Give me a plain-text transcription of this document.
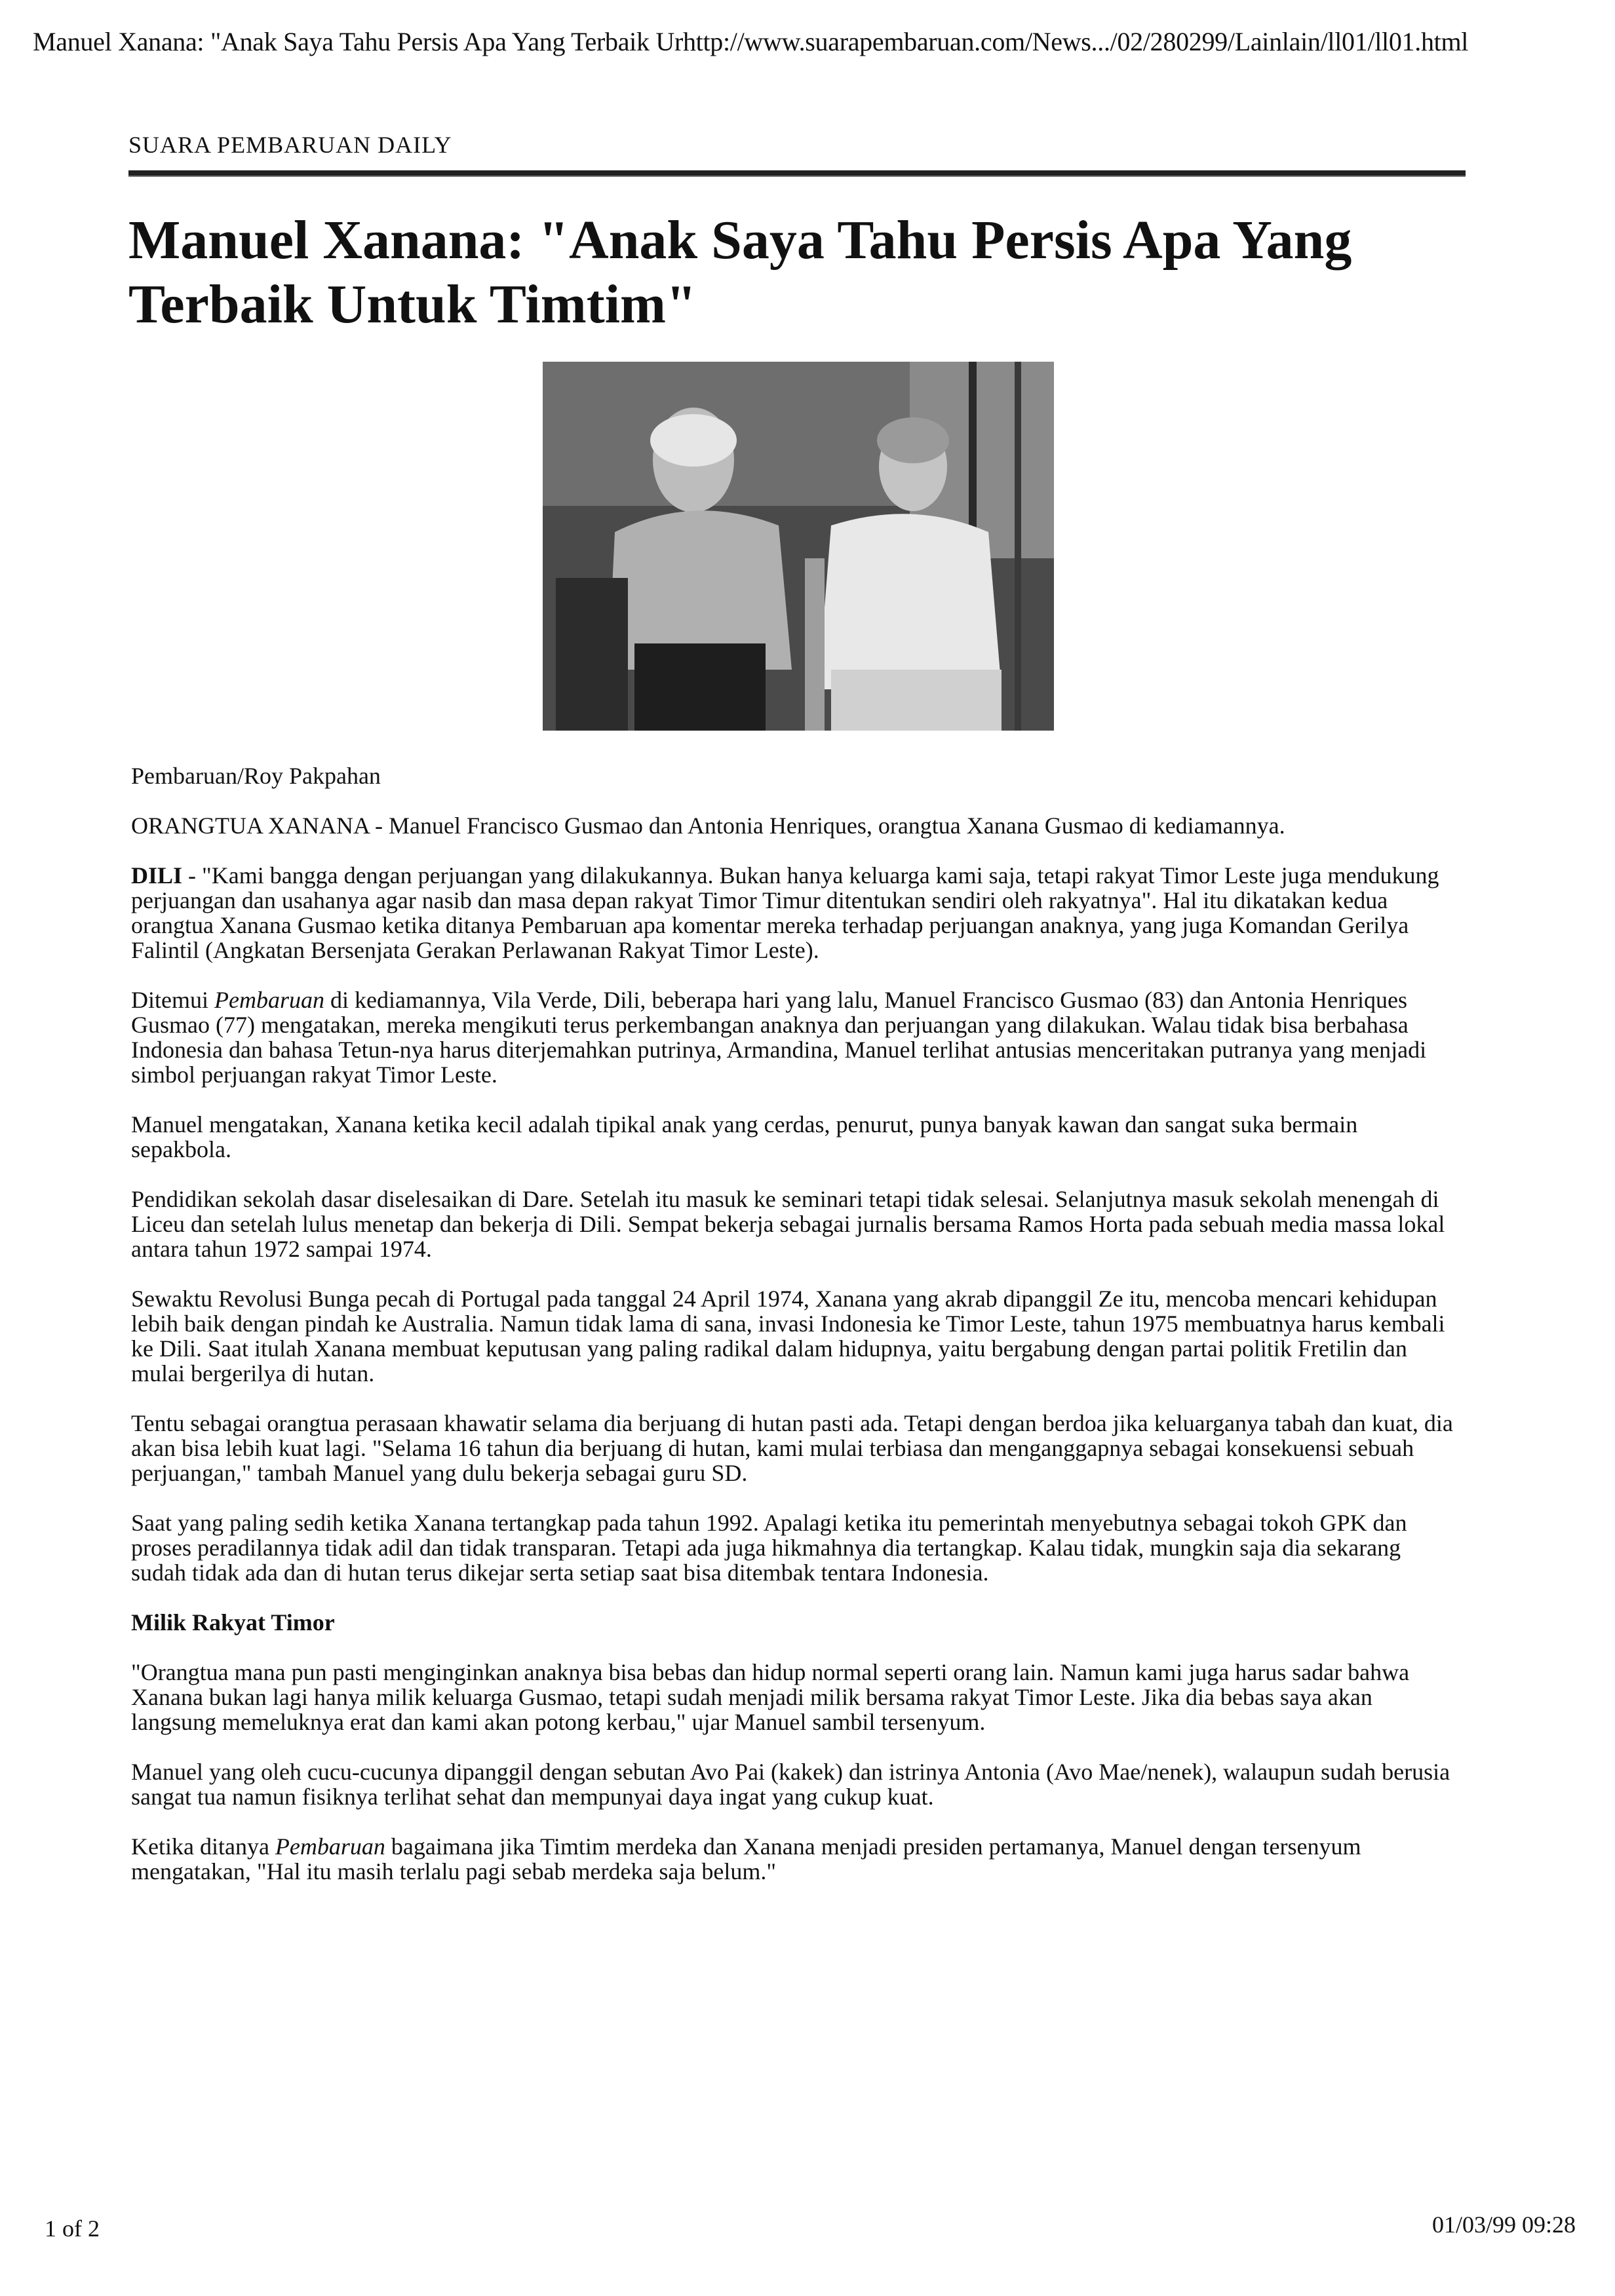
Manuel Xanana: "Anak Saya Tahu Persis Apa Yang Terbaik Urhttp://www.suarapembaruan.com/News.../02/280299/Lainlain/ll01/ll01.html
SUARA PEMBARUAN DAILY
Manuel Xanana: "Anak Saya Tahu Persis Apa Yang Terbaik Untuk Timtim"

Pembaruan/Roy Pakpahan

ORANGTUA XANANA - Manuel Francisco Gusmao dan Antonia Henriques, orangtua Xanana Gusmao di kediamannya.

DILI - "Kami bangga dengan perjuangan yang dilakukannya. Bukan hanya keluarga kami saja, tetapi rakyat Timor Leste juga mendukung perjuangan dan usahanya agar nasib dan masa depan rakyat Timor Timur ditentukan sendiri oleh rakyatnya". Hal itu dikatakan kedua orangtua Xanana Gusmao ketika ditanya Pembaruan apa komentar mereka terhadap perjuangan anaknya, yang juga Komandan Gerilya Falintil (Angkatan Bersenjata Gerakan Perlawanan Rakyat Timor Leste).

Ditemui Pembaruan di kediamannya, Vila Verde, Dili, beberapa hari yang lalu, Manuel Francisco Gusmao (83) dan Antonia Henriques Gusmao (77) mengatakan, mereka mengikuti terus perkembangan anaknya dan perjuangan yang dilakukan. Walau tidak bisa berbahasa Indonesia dan bahasa Tetun-nya harus diterjemahkan putrinya, Armandina, Manuel terlihat antusias menceritakan putranya yang menjadi simbol perjuangan rakyat Timor Leste.

Manuel mengatakan, Xanana ketika kecil adalah tipikal anak yang cerdas, penurut, punya banyak kawan dan sangat suka bermain sepakbola.

Pendidikan sekolah dasar diselesaikan di Dare. Setelah itu masuk ke seminari tetapi tidak selesai. Selanjutnya masuk sekolah menengah di Liceu dan setelah lulus menetap dan bekerja di Dili. Sempat bekerja sebagai jurnalis bersama Ramos Horta pada sebuah media massa lokal antara tahun 1972 sampai 1974.

Sewaktu Revolusi Bunga pecah di Portugal pada tanggal 24 April 1974, Xanana yang akrab dipanggil Ze itu, mencoba mencari kehidupan lebih baik dengan pindah ke Australia. Namun tidak lama di sana, invasi Indonesia ke Timor Leste, tahun 1975 membuatnya harus kembali ke Dili. Saat itulah Xanana membuat keputusan yang paling radikal dalam hidupnya, yaitu bergabung dengan partai politik Fretilin dan mulai bergerilya di hutan.

Tentu sebagai orangtua perasaan khawatir selama dia berjuang di hutan pasti ada. Tetapi dengan berdoa jika keluarganya tabah dan kuat, dia akan bisa lebih kuat lagi. "Selama 16 tahun dia berjuang di hutan, kami mulai terbiasa dan menganggapnya sebagai konsekuensi sebuah perjuangan," tambah Manuel yang dulu bekerja sebagai guru SD.

Saat yang paling sedih ketika Xanana tertangkap pada tahun 1992. Apalagi ketika itu pemerintah menyebutnya sebagai tokoh GPK dan proses peradilannya tidak adil dan tidak transparan. Tetapi ada juga hikmahnya dia tertangkap. Kalau tidak, mungkin saja dia sekarang sudah tidak ada dan di hutan terus dikejar serta setiap saat bisa ditembak tentara Indonesia.

Milik Rakyat Timor

"Orangtua mana pun pasti menginginkan anaknya bisa bebas dan hidup normal seperti orang lain. Namun kami juga harus sadar bahwa Xanana bukan lagi hanya milik keluarga Gusmao, tetapi sudah menjadi milik bersama rakyat Timor Leste. Jika dia bebas saya akan langsung memeluknya erat dan kami akan potong kerbau," ujar Manuel sambil tersenyum.

Manuel yang oleh cucu-cucunya dipanggil dengan sebutan Avo Pai (kakek) dan istrinya Antonia (Avo Mae/nenek), walaupun sudah berusia sangat tua namun fisiknya terlihat sehat dan mempunyai daya ingat yang cukup kuat.

Ketika ditanya Pembaruan bagaimana jika Timtim merdeka dan Xanana menjadi presiden pertamanya, Manuel dengan tersenyum mengatakan, "Hal itu masih terlalu pagi sebab merdeka saja belum."

1 of 2	01/03/99 09:28
